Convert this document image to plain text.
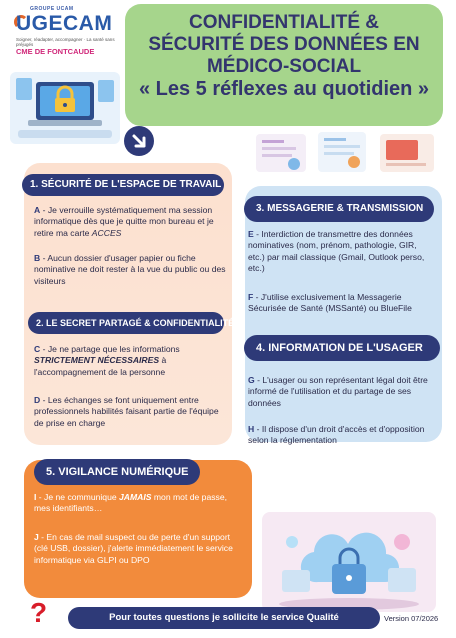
GROUPE UCAM
UGECAM
Soigner, réadapter, accompagner · La santé sans préjugés
CME DE FONTCAUDE
CONFIDENTIALITÉ &
SÉCURITÉ DES DONNÉES EN
MÉDICO-SOCIAL
« Les 5 réflexes au quotidien »
1. SÉCURITÉ DE L'ESPACE DE TRAVAIL
A - Je verrouille systématiquement ma session informatique dès que je quitte mon bureau et je retire ma carte ACCES
B - Aucun dossier d'usager papier ou fiche nominative ne doit rester à la vue du public ou des visiteurs
2. LE SECRET PARTAGÉ & CONFIDENTIALITÉ
C - Je ne partage que les informations STRICTEMENT NÉCESSAIRES à l'accompagnement de la personne
D - Les échanges se font uniquement entre professionnels habilités faisant partie de l'équipe de prise en charge
3. MESSAGERIE & TRANSMISSION
E - Interdiction de transmettre des données nominatives (nom, prénom, pathologie, GIR, etc.) par mail classique (Gmail, Outlook perso, etc.)
F - J'utilise exclusivement la Messagerie Sécurisée de Santé (MSSanté) ou BlueFile
4. INFORMATION DE L'USAGER
G - L'usager ou son représentant légal doit être informé de l'utilisation et du partage de ses données
H - Il dispose d'un droit d'accès et d'opposition selon la réglementation
5. VIGILANCE NUMÉRIQUE
I - Je ne communique JAMAIS mon mot de passe, mes identifiants…
J - En cas de mail suspect ou de perte d'un support (clé USB, dossier), j'alerte immédiatement le service informatique via GLPI ou DPO
?	Pour toutes questions je sollicite le service Qualité	Version 07/2026
